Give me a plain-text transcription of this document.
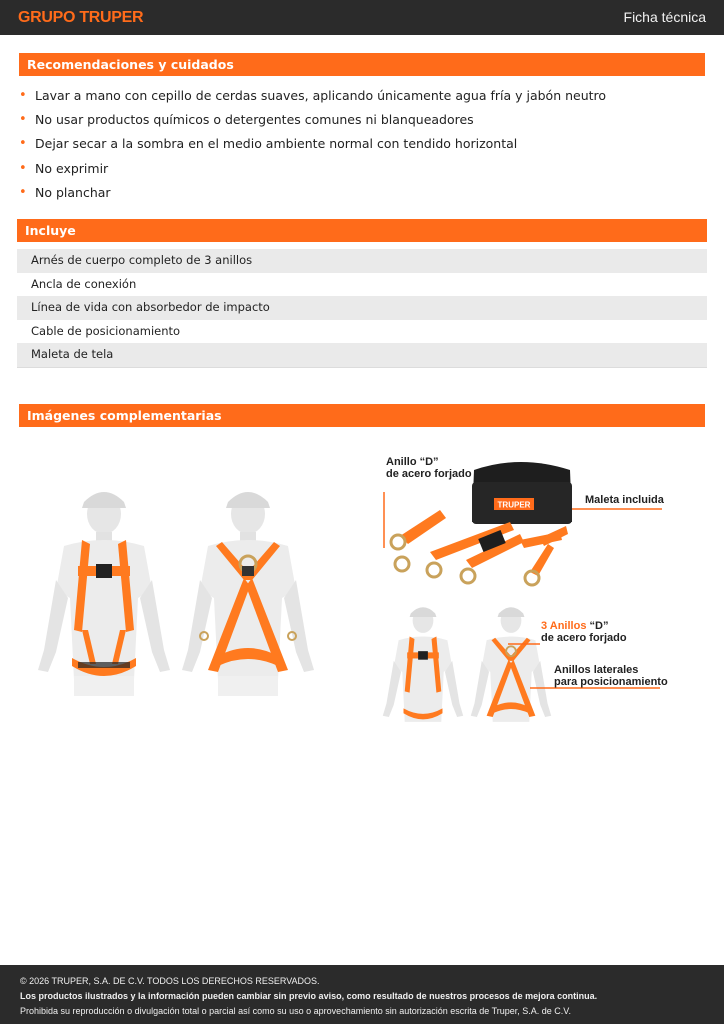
GRUPO TRUPER	Ficha técnica
Recomendaciones y cuidados
• Lavar a mano con cepillo de cerdas suaves, aplicando únicamente agua fría y jabón neutro
• No usar productos químicos o detergentes comunes ni blanqueadores
• Dejar secar a la sombra en el medio ambiente normal con tendido horizontal
• No exprimir
• No planchar
Incluye
Arnés de cuerpo completo de 3 anillos
Ancla de conexión
Línea de vida con absorbedor de impacto
Cable de posicionamiento
Maleta de tela
Imágenes complementarias
TRUPER
Anillo “D”
de acero forjado
Maleta incluida
3 Anillos “D”
de acero forjado
Anillos laterales
para posicionamiento
© 2026 TRUPER, S.A. DE C.V. TODOS LOS DERECHOS RESERVADOS.
Los productos ilustrados y la información pueden cambiar sin previo aviso, como resultado de nuestros procesos de mejora continua.
Prohibida su reproducción o divulgación total o parcial así como su uso o aprovechamiento sin autorización escrita de Truper, S.A. de C.V.
